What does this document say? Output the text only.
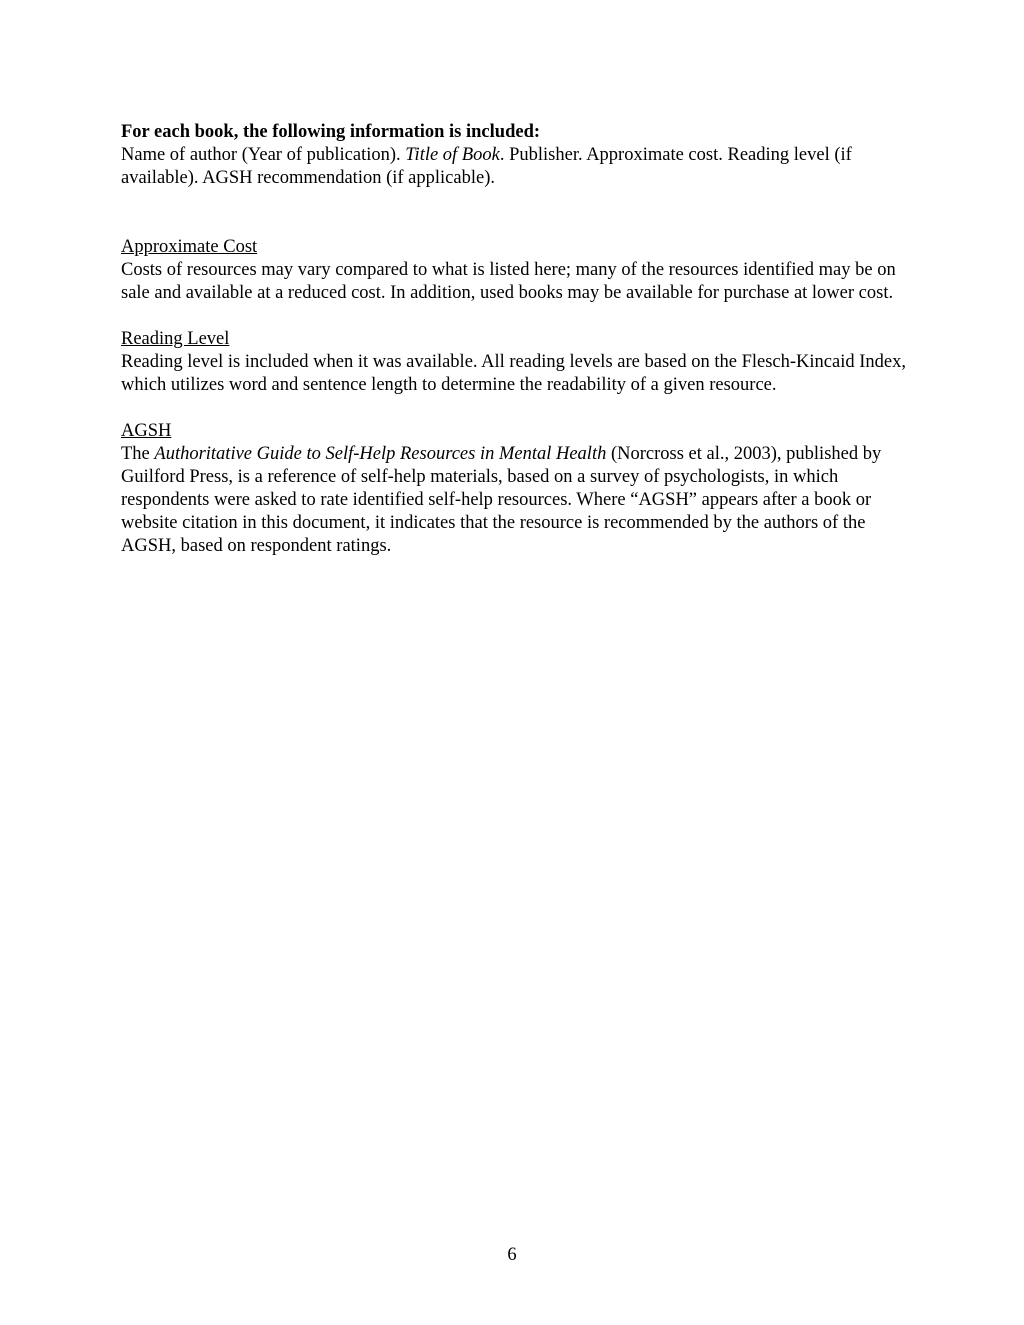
For each book, the following information is included:

Name of author (Year of publication). Title of Book. Publisher. Approximate cost. Reading level (if available). AGSH recommendation (if applicable).

Approximate Cost

Costs of resources may vary compared to what is listed here; many of the resources identified may be on sale and available at a reduced cost. In addition, used books may be available for purchase at lower cost.

Reading Level

Reading level is included when it was available. All reading levels are based on the Flesch-Kincaid Index, which utilizes word and sentence length to determine the readability of a given resource.

AGSH

The Authoritative Guide to Self-Help Resources in Mental Health (Norcross et al., 2003), published by Guilford Press, is a reference of self-help materials, based on a survey of psychologists, in which respondents were asked to rate identified self-help resources. Where “AGSH” appears after a book or website citation in this document, it indicates that the resource is recommended by the authors of the AGSH, based on respondent ratings.

6
